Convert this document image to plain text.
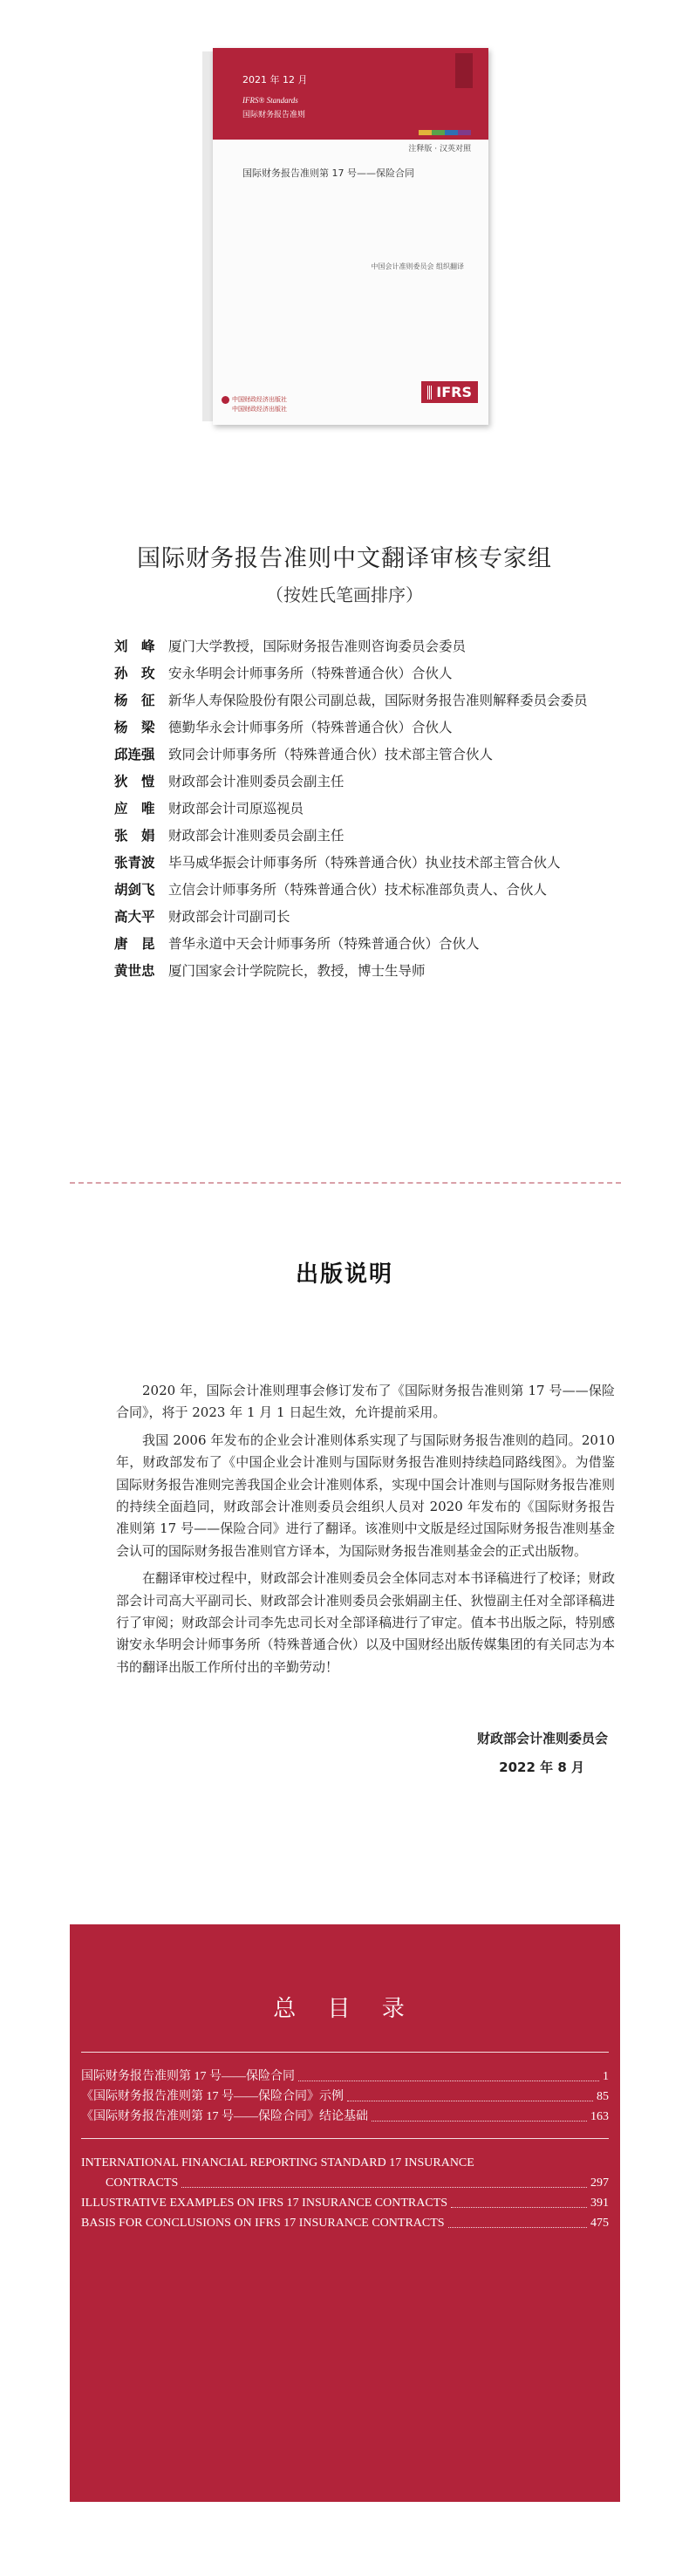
2021 年 12 月
IFRS® Standards
国际财务报告准则
注释版 · 汉英对照
国际财务报告准则第 17 号——保险合同
中国会计准则委员会 组织翻译
中国财政经济出版社
中国财政经济出版社
IFRS
国际财务报告准则中文翻译审核专家组
（按姓氏笔画排序）
刘　峰 厦门大学教授，国际财务报告准则咨询委员会委员
孙　玫 安永华明会计师事务所（特殊普通合伙）合伙人
杨　征 新华人寿保险股份有限公司副总裁，国际财务报告准则解释委员会委员
杨　梁 德勤华永会计师事务所（特殊普通合伙）合伙人
邱连强 致同会计师事务所（特殊普通合伙）技术部主管合伙人
狄　愷 财政部会计准则委员会副主任
应　唯 财政部会计司原巡视员
张　娟 财政部会计准则委员会副主任
张青波 毕马威华振会计师事务所（特殊普通合伙）执业技术部主管合伙人
胡剑飞 立信会计师事务所（特殊普通合伙）技术标准部负责人、合伙人
高大平 财政部会计司副司长
唐　昆 普华永道中天会计师事务所（特殊普通合伙）合伙人
黄世忠 厦门国家会计学院院长，教授，博士生导师
出版说明

2020 年，国际会计准则理事会修订发布了《国际财务报告准则第 17 号——保险合同》，将于 2023 年 1 月 1 日起生效，允许提前采用。

我国 2006 年发布的企业会计准则体系实现了与国际财务报告准则的趋同。2010 年，财政部发布了《中国企业会计准则与国际财务报告准则持续趋同路线图》。为借鉴国际财务报告准则完善我国企业会计准则体系，实现中国会计准则与国际财务报告准则的持续全面趋同，财政部会计准则委员会组织人员对 2020 年发布的《国际财务报告准则第 17 号——保险合同》进行了翻译。该准则中文版是经过国际财务报告准则基金会认可的国际财务报告准则官方译本，为国际财务报告准则基金会的正式出版物。

在翻译审校过程中，财政部会计准则委员会全体同志对本书译稿进行了校译；财政部会计司高大平副司长、财政部会计准则委员会张娟副主任、狄愷副主任对全部译稿进行了审阅；财政部会计司李先忠司长对全部译稿进行了审定。值本书出版之际，特别感谢安永华明会计师事务所（特殊普通合伙）以及中国财经出版传媒集团的有关同志为本书的翻译出版工作所付出的辛勤劳动！

财政部会计准则委员会
2022 年 8 月
总 目 录
国际财务报告准则第 17 号——保险合同	1
《国际财务报告准则第 17 号——保险合同》示例	85
《国际财务报告准则第 17 号——保险合同》结论基础	163
INTERNATIONAL FINANCIAL REPORTING STANDARD 17 INSURANCE
CONTRACTS	297
ILLUSTRATIVE EXAMPLES ON IFRS 17 INSURANCE CONTRACTS	391
BASIS FOR CONCLUSIONS ON IFRS 17 INSURANCE CONTRACTS	475
